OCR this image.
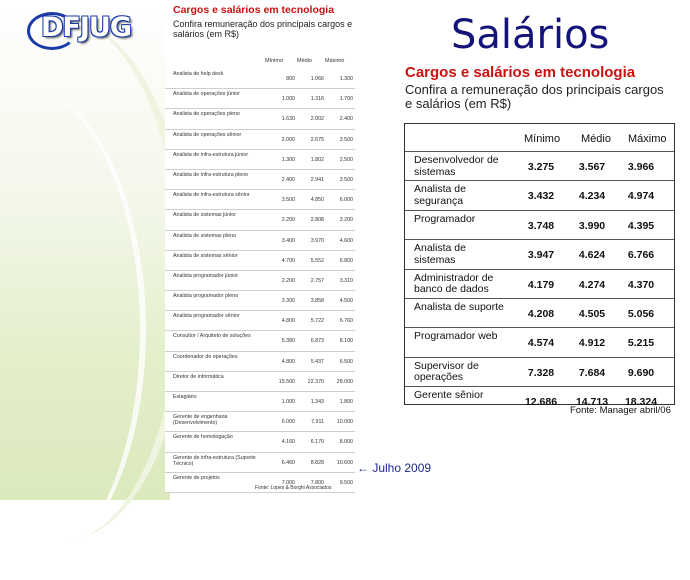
DFJUG
Cargos e salários em tecnologia
Confira remuneração dos principais cargos e salários (em R$)
Mínimo	Médio Máximo
Analista de help desk
800	1.066	1.300
Analista de operações júnior
1.000	1.316	1.700
Analista de operações pleno
1.630	2.002	2.400
Analista de operações sênior
2.000	2.675	3.500
Analista de infra-estrutura júnior
1.300	1.802	2.500
Analista de infra-estrutura pleno
2.400	2.941	3.500
Analista de infra-estrutura sênior
3.500	4.850	6.000
Analista de sistemas júnior
2.200	2.808	3.200
Analista de sistemas pleno
3.400	3.970	4.600
Analista de sistemas sênior
4.700	5.552	6.800
Analista programador júnior
2.200	2.757	3.310
Analista programador pleno
3.300	3.858	4.500
Analista programador sênior
4.800	5.722	6.760
Consultor / Arquiteto de soluções
5.380	6.873	8.100
Coordenador de operações
4.800	5.437	6.500
Diretor de informática
15.500	22.370	28.000
Estagiário
1.000	1.343	1.800
Gerente de engenharia (Desenvolvimento)	6.000	7.911	10.000
Gerente de homologação
4.160	6.170	8.000
Gerente de infra-estrutura (Suporte Técnico)	6.460	8.828	10.600
Gerente de projetos
7.000	7.800	9.500
Fonte: Lopes & Borghi Associados
← Julho 2009
Salários
Cargos e salários em tecnologia
Confira a remuneração dos principais cargos e salários (em R$)
Mínimo Médio Máximo
Desenvolvedor de sistemas	3.275	3.567	3.966
Analista de segurança	3.432	4.234	4.974
Programador
3.748	3.990	4.395
Analista de sistemas	3.947	4.624	6.766
Administrador de banco de dados	4.179	4.274	4.370
Analista de suporte
4.208	4.505	5.056
Programador web
4.574	4.912	5.215
Supervisor de operações	7.328	7.684	9.690
Gerente sênior
12.686	14.713	18.324
Fonte: Manager abril/06
